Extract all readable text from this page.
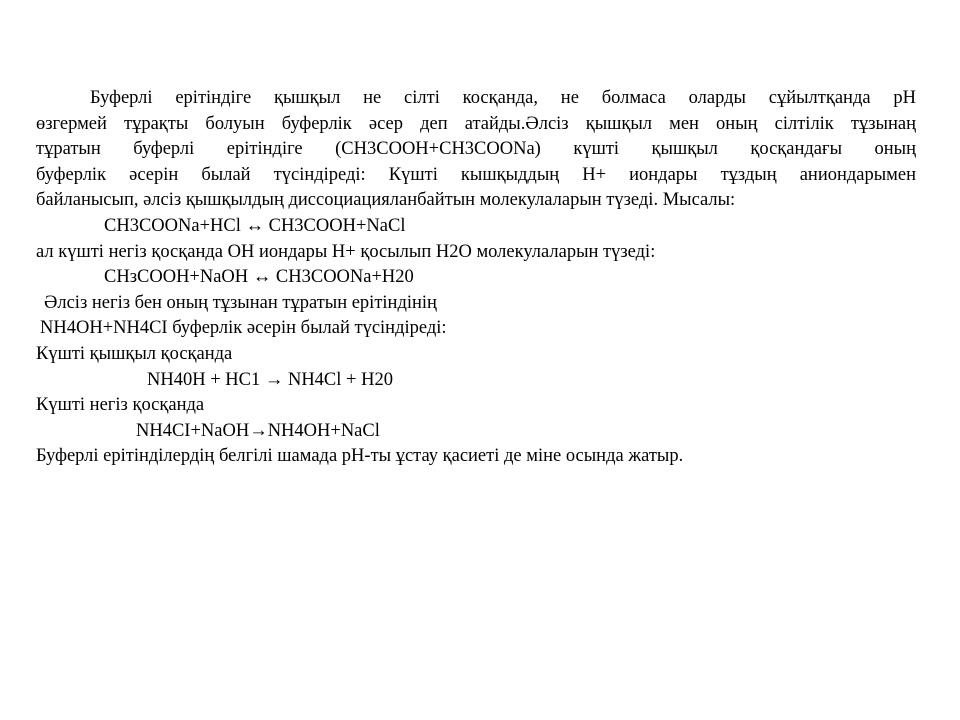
Буферлі ерітіндіге қышқыл не сілті косқанда, не болмаса оларды сұйылтқанда pH
өзгермей тұрақты болуын буферлік әсер деп атайды.Әлсіз қышқыл мен оның сілтілік тұзынаң
тұратын буферлі ерітіндіге (CH3COOH+CH3COONa) күшті қышқыл қосқандағы оның
буферлік әсерін былай түсіндіреді: Күшті кышқыддың Н+ иондары тұздың аниондарымен
байланысып, әлсіз қышқылдың диссоциацияланбайтын молекулаларын түзеді. Мысалы:
CH3COONa+HCl ↔ CH3COOH+NaCl
ал күшті негіз қосқанда ОН иондары Н+ қосылып Н2О молекулаларын түзеді:
CHзCOOH+NaOH ↔ CH3COONa+H20
Әлсіз негіз бен оның тұзынан тұратын ерітіндінің
NH4OH+NH4CI буферлік әсерін былай түсіндіреді:
Күшті қышқыл қосқанда
NH40H + HC1 → NH4Cl + H20
Күшті негіз қосқанда
NH4CI+NaOH→NH4OH+NaCl
Буферлі ерітінділердің белгілі шамада pH-ты ұстау қасиеті де міне осында жатыр.
